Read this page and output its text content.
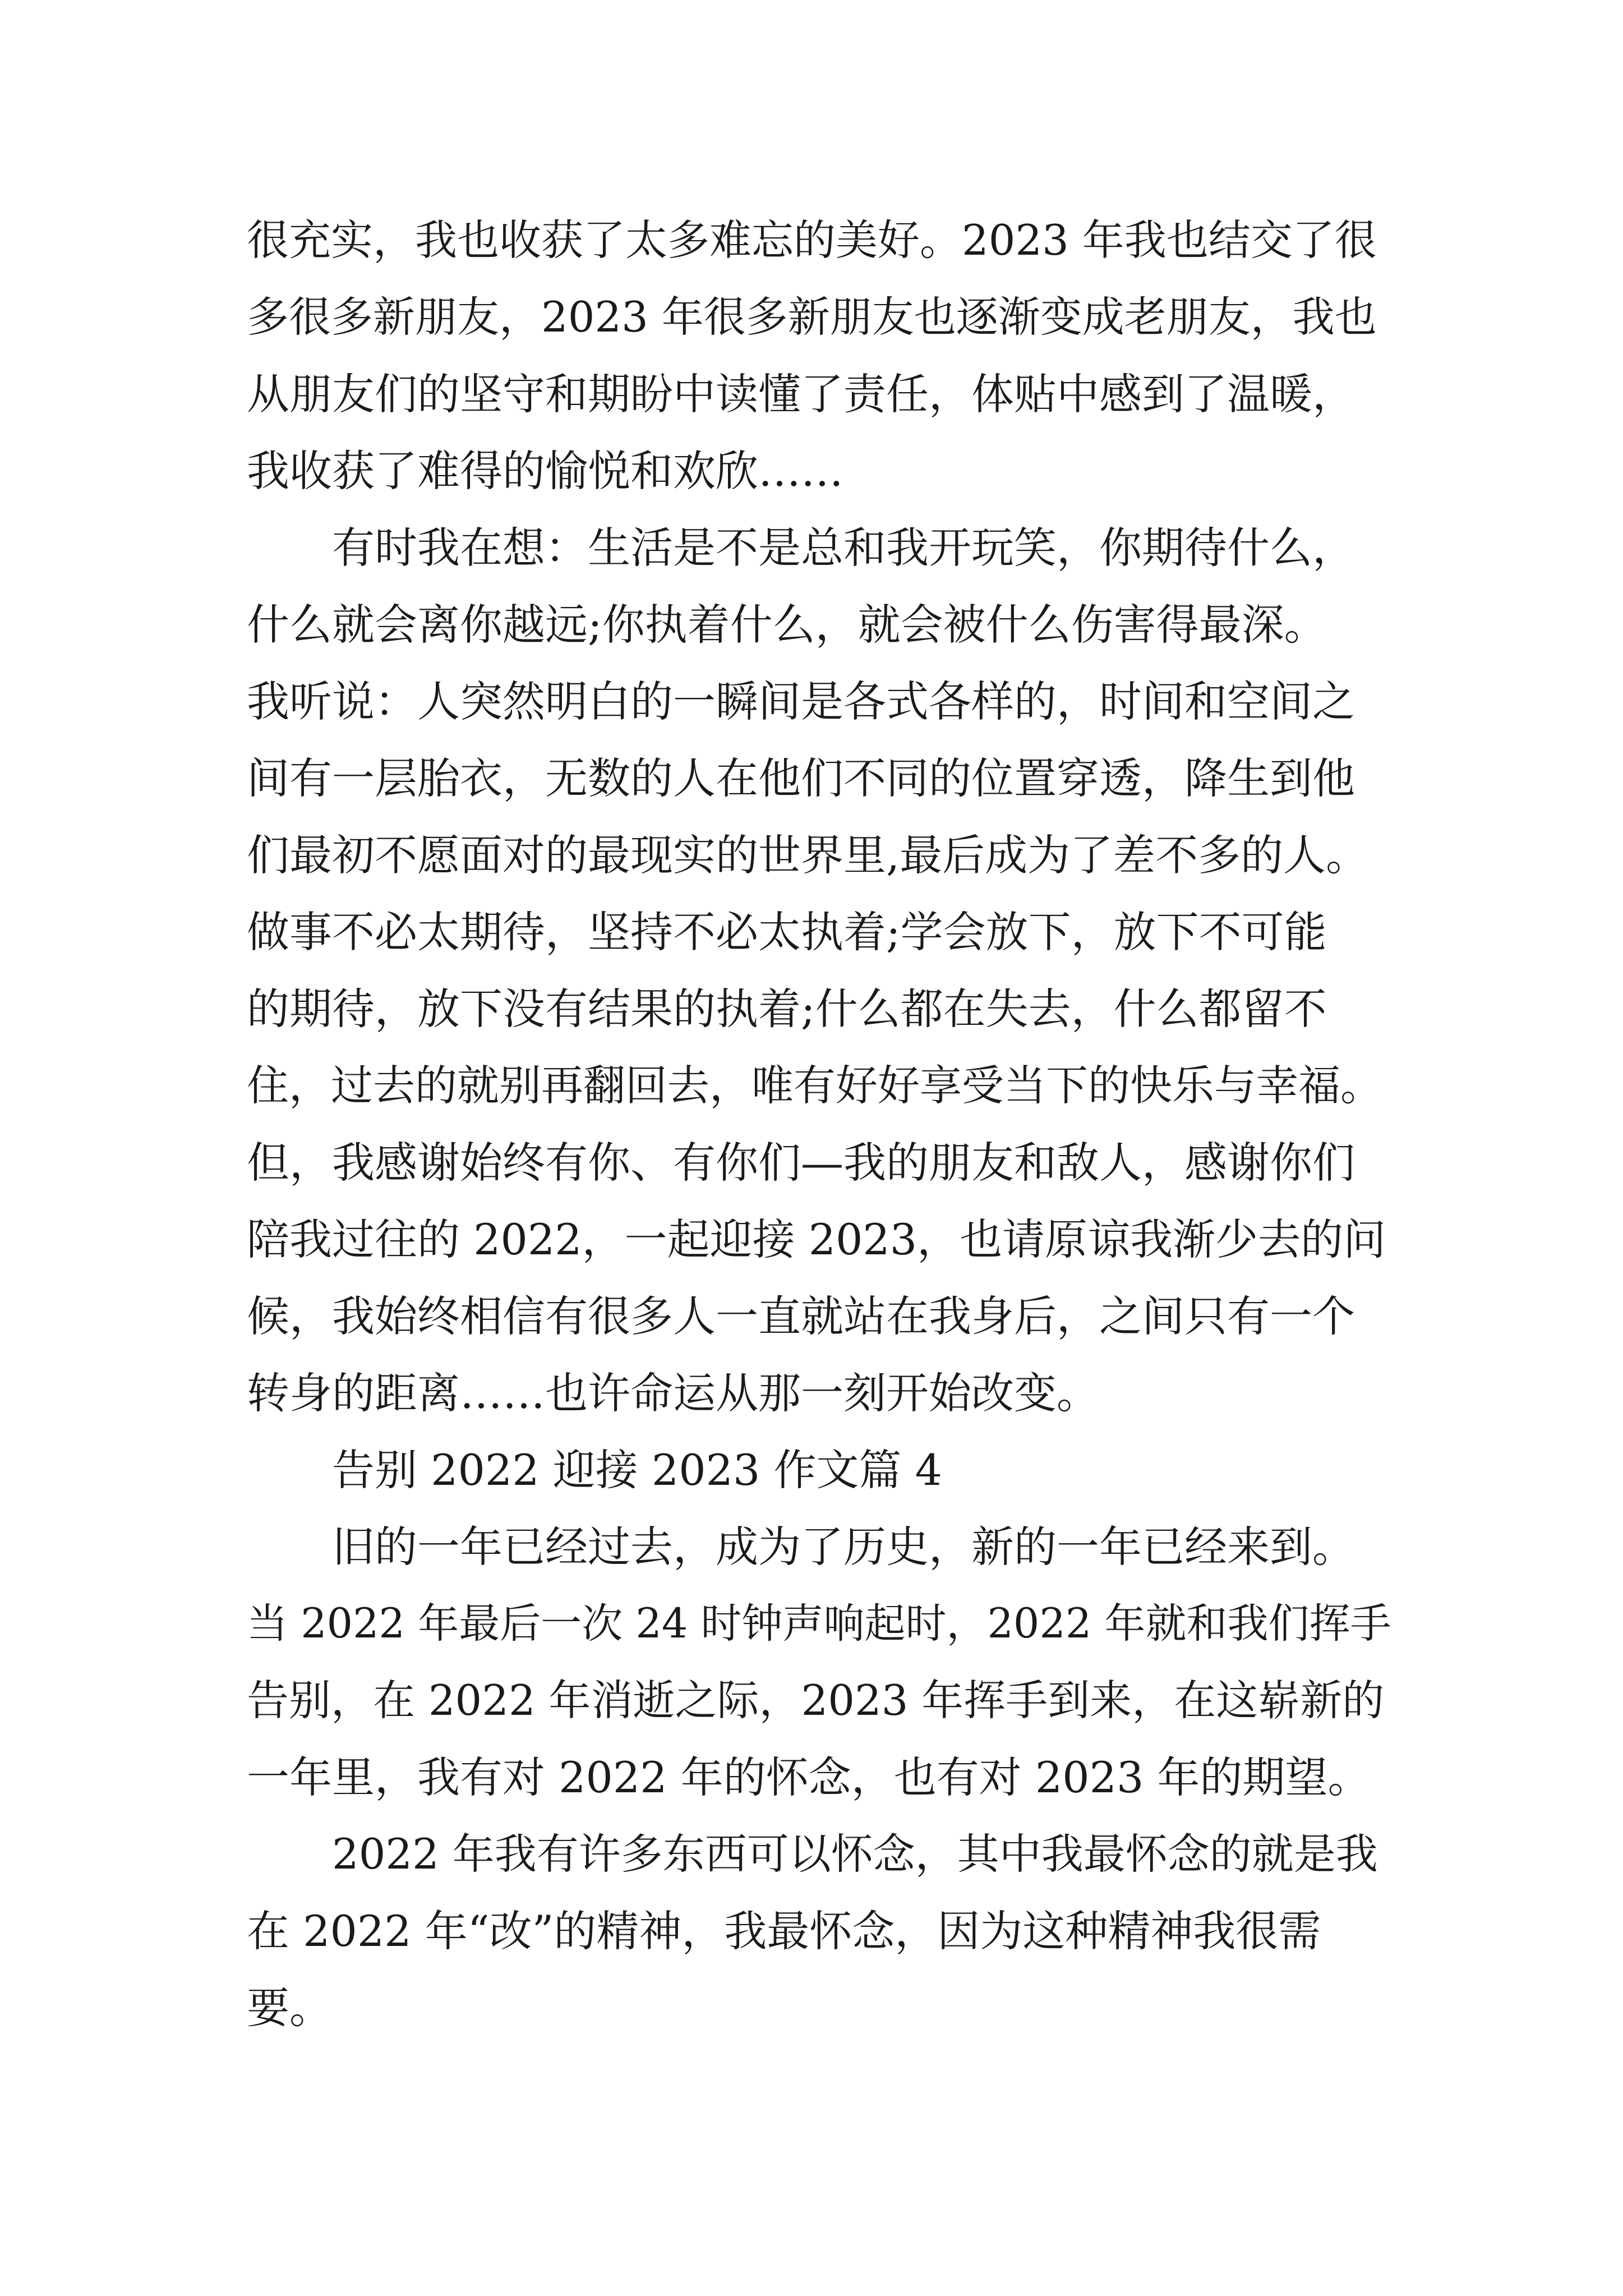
很充实，我也收获了太多难忘的美好。2023 年我也结交了很
多很多新朋友，2023 年很多新朋友也逐渐变成老朋友，我也
从朋友们的坚守和期盼中读懂了责任，体贴中感到了温暖，
我收获了难得的愉悦和欢欣……
有时我在想：生活是不是总和我开玩笑，你期待什么，
什么就会离你越远;你执着什么，就会被什么伤害得最深。
我听说：人突然明白的一瞬间是各式各样的，时间和空间之
间有一层胎衣，无数的人在他们不同的位置穿透，降生到他
们最初不愿面对的最现实的世界里,最后成为了差不多的人。
做事不必太期待，坚持不必太执着;学会放下，放下不可能
的期待，放下没有结果的执着;什么都在失去，什么都留不
住，过去的就别再翻回去，唯有好好享受当下的快乐与幸福。
但，我感谢始终有你、有你们—我的朋友和敌人，感谢你们
陪我过往的 2022，一起迎接 2023，也请原谅我渐少去的问
候，我始终相信有很多人一直就站在我身后，之间只有一个
转身的距离……也许命运从那一刻开始改变。
告别 2022 迎接 2023 作文篇 4
旧的一年已经过去，成为了历史，新的一年已经来到。
当 2022 年最后一次 24 时钟声响起时，2022 年就和我们挥手
告别，在 2022 年消逝之际，2023 年挥手到来，在这崭新的
一年里，我有对 2022 年的怀念，也有对 2023 年的期望。
2022 年我有许多东西可以怀念，其中我最怀念的就是我
在 2022 年“改”的精神，我最怀念，因为这种精神我很需
要。
